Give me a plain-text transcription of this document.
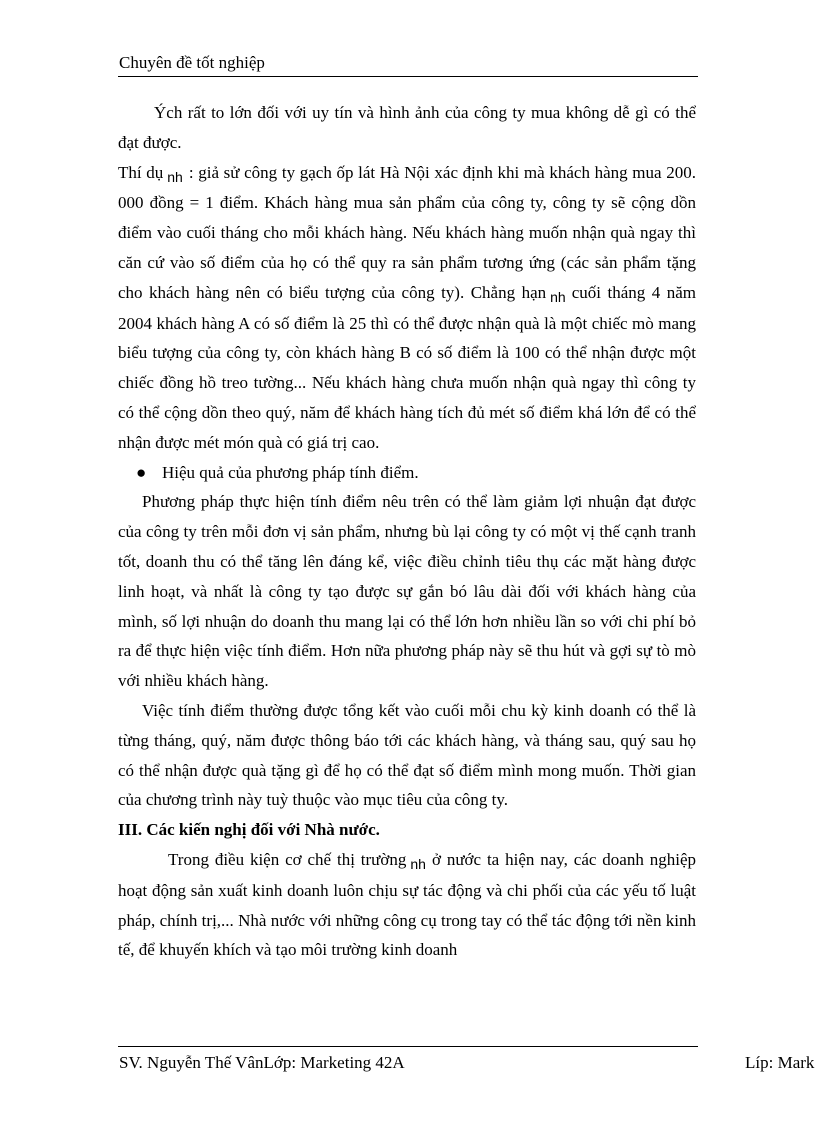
Chuyên đề tốt nghiệp

Ých rất to lớn đối với uy tín và hình ảnh của công ty mua không dễ gì có thể đạt được.

Thí dụ $_{nh}$ : giả sử công ty gạch ốp lát Hà Nội xác định khi mà khách hàng mua 200. 000 đồng = 1 điểm. Khách hàng mua sản phẩm của công ty, công ty sẽ cộng dồn điểm vào cuối tháng cho mỗi khách hàng. Nếu khách hàng muốn nhận quà ngay thì căn cứ vào số điểm của họ có thể quy ra sản phẩm tương ứng (các sản phẩm tặng cho khách hàng nên có biểu tượng của công ty). Chẳng hạn $_{nh}$ cuối tháng 4 năm 2004 khách hàng A có số điểm là 25 thì có thể được nhận quà là một chiếc mò mang biểu tượng của công ty, còn khách hàng B có số điểm là 100 có thể nhận được một chiếc đồng hồ treo tường... Nếu khách hàng chưa muốn nhận quà ngay thì công ty có thể cộng dồn theo quý, năm để khách hàng tích đủ mét số điểm khá lớn để có thể nhận được mét món quà có giá trị cao.

● Hiệu quả của phương pháp tính điểm.

Phương pháp thực hiện tính điểm nêu trên có thể làm giảm lợi nhuận đạt được của công ty trên mỗi đơn vị sản phẩm, nhưng bù lại công ty có một vị thế cạnh tranh tốt, doanh thu có thể tăng lên đáng kể, việc điều chỉnh tiêu thụ các mặt hàng được linh hoạt, và nhất là công ty tạo được sự gắn bó lâu dài đối với khách hàng của mình, số lợi nhuận do doanh thu mang lại có thể lớn hơn nhiều lần so với chi phí bỏ ra để thực hiện việc tính điểm. Hơn nữa phương pháp này sẽ thu hút và gợi sự tò mò với nhiều khách hàng.

Việc tính điểm thường được tổng kết vào cuối mỗi chu kỳ kinh doanh có thể là từng tháng, quý, năm được thông báo tới các khách hàng, và tháng sau, quý sau họ có thể nhận được quà tặng gì để họ có thể đạt số điểm mình mong muốn. Thời gian của chương trình này tuỳ thuộc vào mục tiêu của công ty.

III. Các kiến nghị đối với Nhà nước.

Trong điều kiện cơ chế thị trường $_{nh}$ ở nước ta hiện nay, các doanh nghiệp hoạt động sản xuất kinh doanh luôn chịu sự tác động và chi phối của các yếu tố luật pháp, chính trị,... Nhà nước với những công cụ trong tay có thể tác động tới nền kinh tế, để khuyến khích và tạo môi trường kinh doanh

SV. Nguyễn Thế VânLớp: Marketing 42A	Líp: Mark
